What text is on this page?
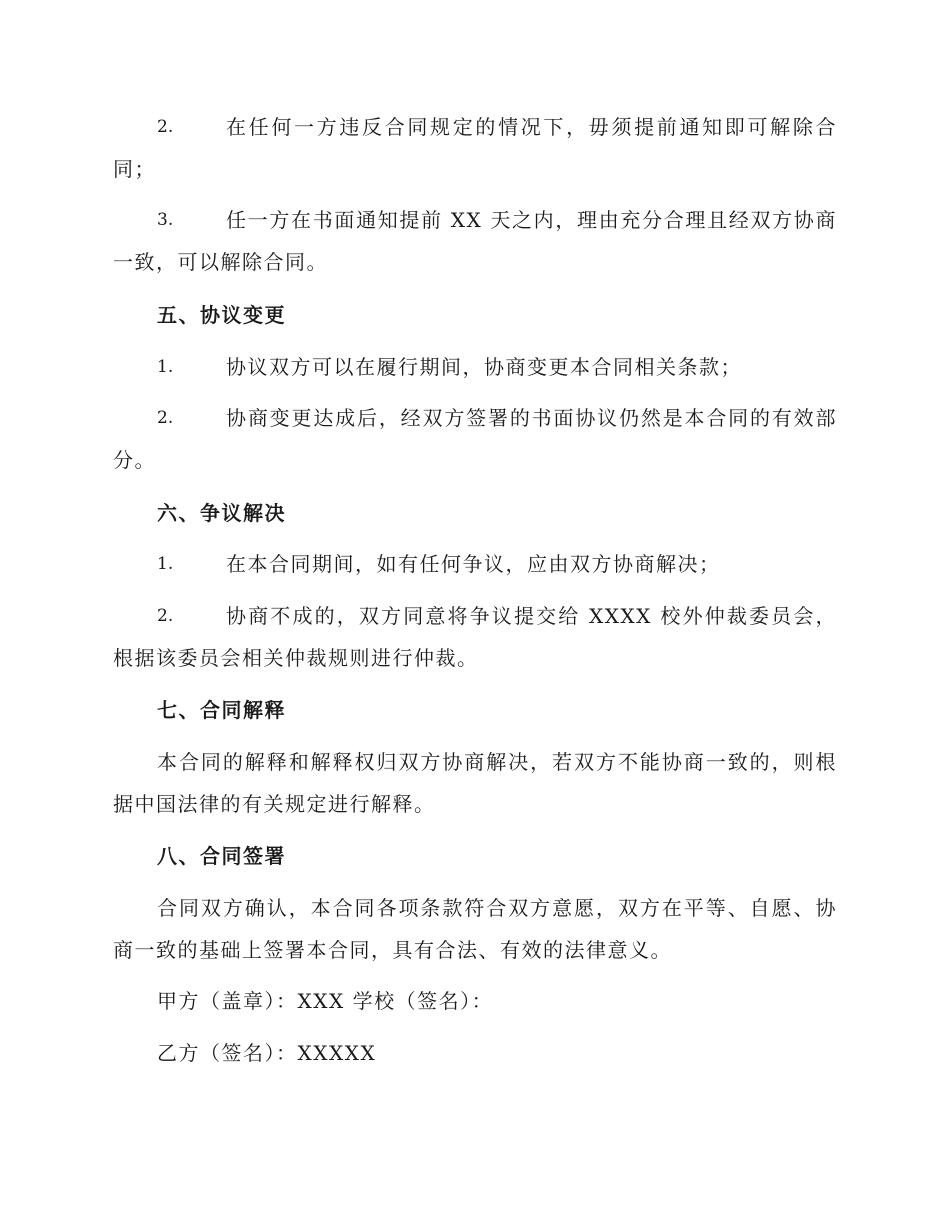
2.	在任何一方违反合同规定的情况下，毋须提前通知即可解除合同；
3.	任一方在书面通知提前 XX 天之内，理由充分合理且经双方协商一致，可以解除合同。
五、协议变更
1.	协议双方可以在履行期间，协商变更本合同相关条款；
2.	协商变更达成后，经双方签署的书面协议仍然是本合同的有效部分。
六、争议解决
1.	在本合同期间，如有任何争议，应由双方协商解决；
2.	协商不成的，双方同意将争议提交给 XXXX 校外仲裁委员会，根据该委员会相关仲裁规则进行仲裁。
七、合同解释
本合同的解释和解释权归双方协商解决，若双方不能协商一致的，则根据中国法律的有关规定进行解释。
八、合同签署
合同双方确认，本合同各项条款符合双方意愿，双方在平等、自愿、协商一致的基础上签署本合同，具有合法、有效的法律意义。
甲方（盖章）：XXX 学校（签名）：
乙方（签名）：XXXXX
